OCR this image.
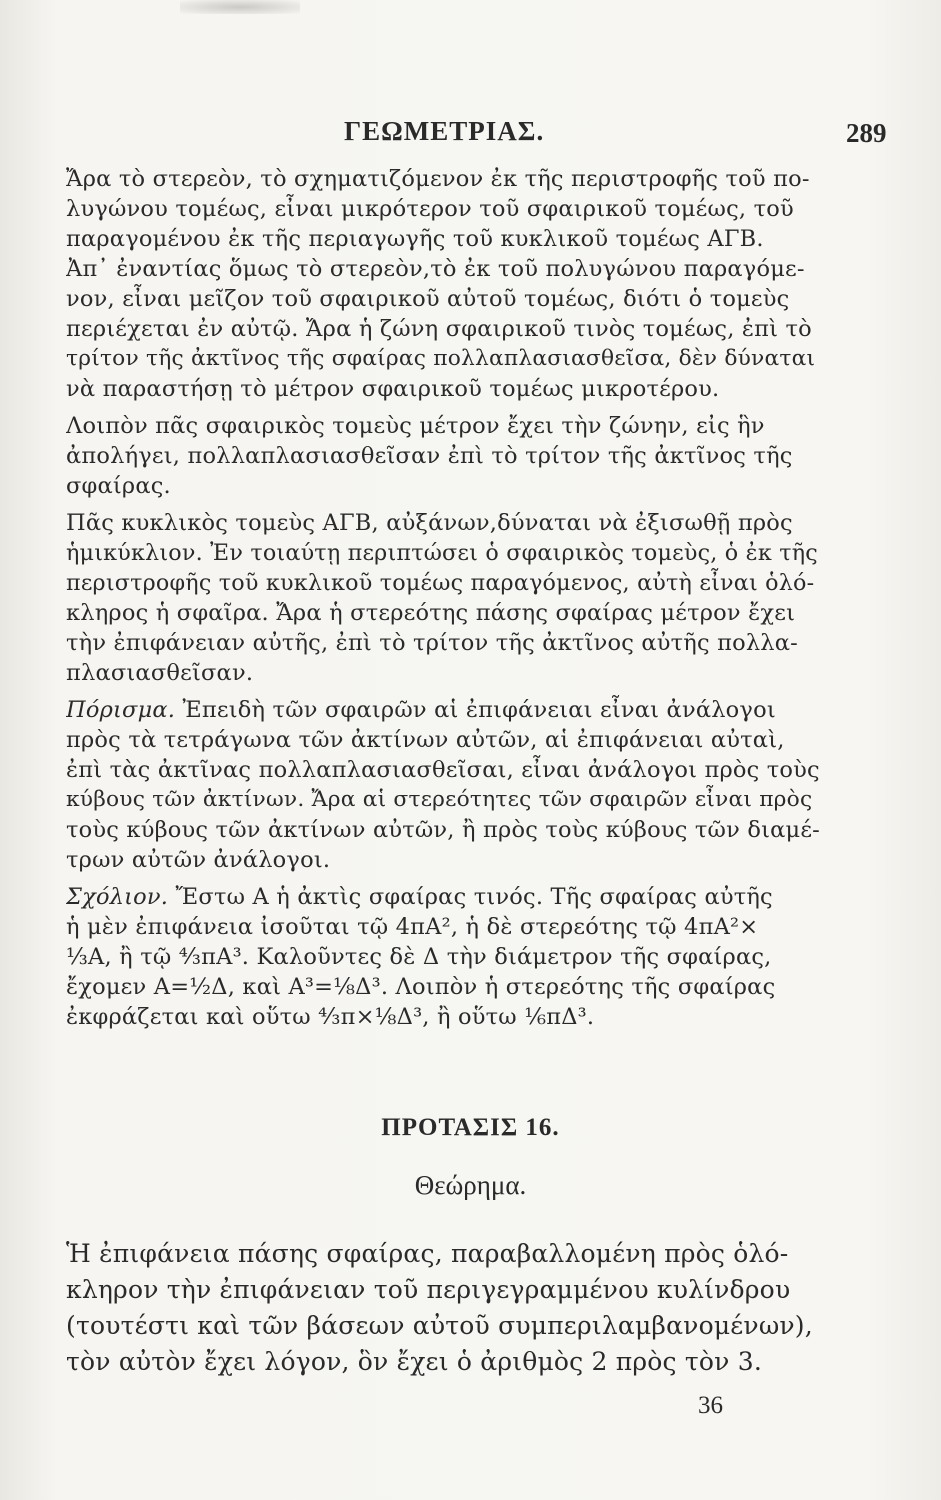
ΓΕΩΜΕΤΡΙΑΣ.	289
Ἄρα τὸ στερεὸν, τὸ σχηματιζόμενον ἐκ τῆς περιστροφῆς τοῦ πο-
λυγώνου τομέως, εἶναι μικρότερον τοῦ σφαιρικοῦ τομέως, τοῦ
παραγομένου ἐκ τῆς περιαγωγῆς τοῦ κυκλικοῦ τομέως ΑΓΒ.
Ἀπ᾽ ἐναντίας ὅμως τὸ στερεὸν,τὸ ἐκ τοῦ πολυγώνου παραγόμε-
νον, εἶναι μεῖζον τοῦ σφαιρικοῦ αὐτοῦ τομέως, διότι ὁ τομεὺς
περιέχεται ἐν αὐτῷ. Ἄρα ἡ ζώνη σφαιρικοῦ τινὸς τομέως, ἐπὶ τὸ
τρίτον τῆς ἀκτῖνος τῆς σφαίρας πολλαπλασιασθεῖσα, δὲν δύναται
νὰ παραστήσῃ τὸ μέτρον σφαιρικοῦ τομέως μικροτέρου.
Λοιπὸν πᾶς σφαιρικὸς τομεὺς μέτρον ἔχει τὴν ζώνην, εἰς ἣν
ἀπολήγει, πολλαπλασιασθεῖσαν ἐπὶ τὸ τρίτον τῆς ἀκτῖνος τῆς
σφαίρας.
Πᾶς κυκλικὸς τομεὺς ΑΓΒ, αὐξάνων,δύναται νὰ ἐξισωθῇ πρὸς
ἡμικύκλιον. Ἐν τοιαύτῃ περιπτώσει ὁ σφαιρικὸς τομεὺς, ὁ ἐκ τῆς
περιστροφῆς τοῦ κυκλικοῦ τομέως παραγόμενος, αὐτὴ εἶναι ὁλό-
κληρος ἡ σφαῖρα. Ἄρα ἡ στερεότης πάσης σφαίρας μέτρον ἔχει
τὴν ἐπιφάνειαν αὐτῆς, ἐπὶ τὸ τρίτον τῆς ἀκτῖνος αὐτῆς πολλα-
πλασιασθεῖσαν.
Πόρισμα. Ἐπειδὴ τῶν σφαιρῶν αἱ ἐπιφάνειαι εἶναι ἀνάλογοι
πρὸς τὰ τετράγωνα τῶν ἀκτίνων αὐτῶν, αἱ ἐπιφάνειαι αὐταὶ,
ἐπὶ τὰς ἀκτῖνας πολλαπλασιασθεῖσαι, εἶναι ἀνάλογοι πρὸς τοὺς
κύβους τῶν ἀκτίνων. Ἄρα αἱ στερεότητες τῶν σφαιρῶν εἶναι πρὸς
τοὺς κύβους τῶν ἀκτίνων αὐτῶν, ἢ πρὸς τοὺς κύβους τῶν διαμέ-
τρων αὐτῶν ἀνάλογοι.
Σχόλιον. Ἔστω Α ἡ ἀκτὶς σφαίρας τινός. Τῆς σφαίρας αὐτῆς
ἡ μὲν ἐπιφάνεια ἰσοῦται τῷ 4πΑ², ἡ δὲ στερεότης τῷ 4πΑ²×
⅓Α, ἢ τῷ ⁴⁄₃πΑ³. Καλοῦντες δὲ Δ τὴν διάμετρον τῆς σφαίρας,
ἔχομεν Α=½Δ, καὶ Α³=⅛Δ³. Λοιπὸν ἡ στερεότης τῆς σφαίρας
ἐκφράζεται καὶ οὕτω ⁴⁄₃π×⅛Δ³, ἢ οὕτω ⅙πΔ³.
ΠΡΟΤΑΣΙΣ 16.
Θεώρημα.
Ἡ ἐπιφάνεια πάσης σφαίρας, παραβαλλομένη πρὸς ὁλό-
κληρον τὴν ἐπιφάνειαν τοῦ περιγεγραμμένου κυλίνδρου
(τουτέστι καὶ τῶν βάσεων αὐτοῦ συμπεριλαμβανομένων),
τὸν αὐτὸν ἔχει λόγον, ὃν ἔχει ὁ ἀριθμὸς 2 πρὸς τὸν 3.
36
